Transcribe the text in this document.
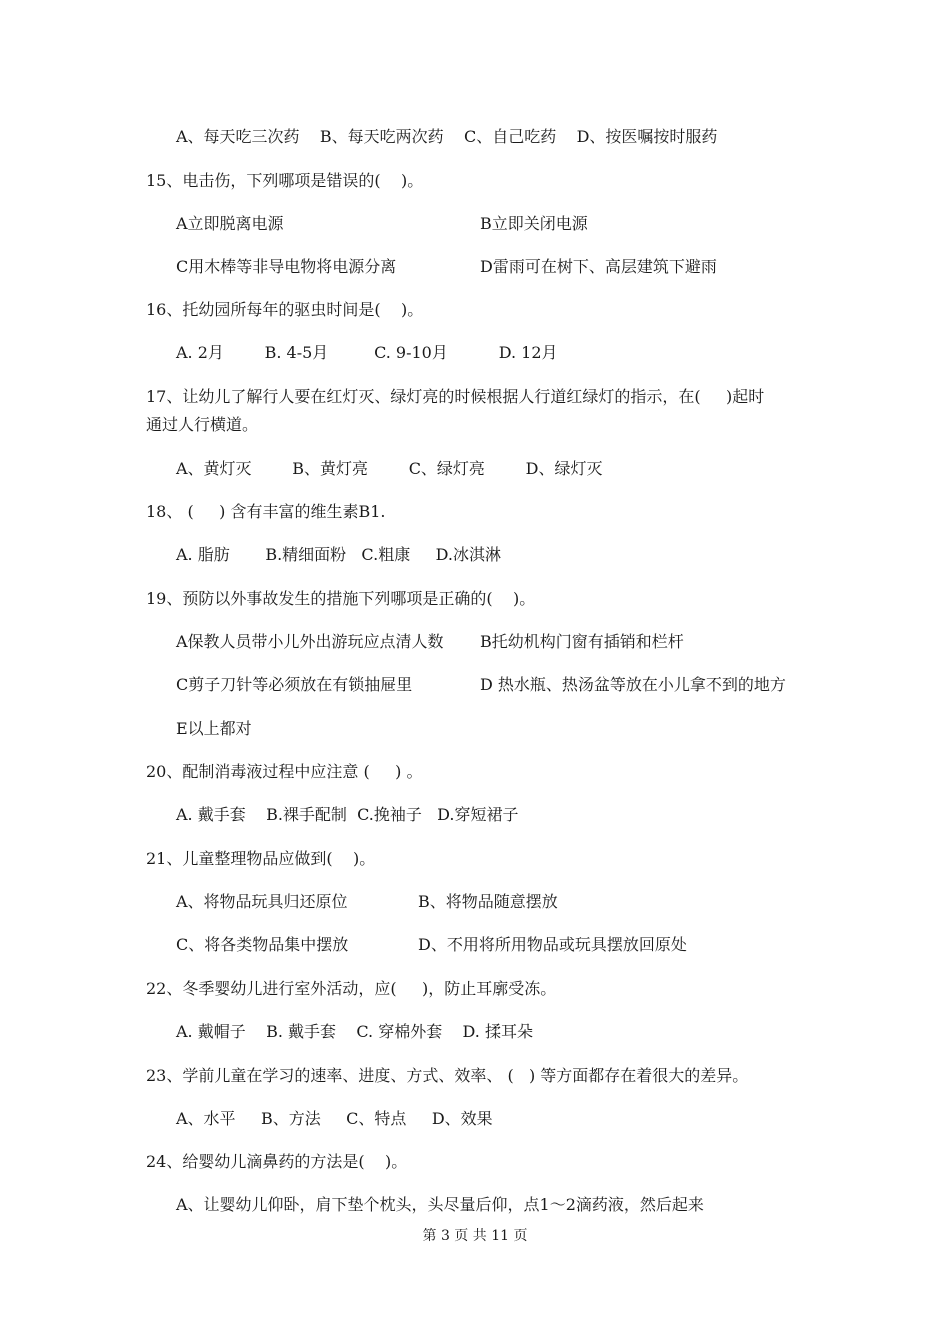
A、每天吃三次药    B、每天吃两次药    C、自己吃药    D、按医嘱按时服药
15、电击伤，下列哪项是错误的(    )。
A立即脱离电源	B立即关闭电源
C用木棒等非导电物将电源分离	D雷雨可在树下、高层建筑下避雨
16、托幼园所每年的驱虫时间是(    )。
A. 2月        B. 4-5月         C. 9-10月          D. 12月
17、让幼儿了解行人要在红灯灭、绿灯亮的时候根据人行道红绿灯的指示，在(     )起时
通过人行横道。
A、黄灯灭        B、黄灯亮        C、绿灯亮        D、绿灯灭
18、 (     ) 含有丰富的维生素B1.
A. 脂肪       B.精细面粉   C.粗康     D.冰淇淋
19、预防以外事故发生的措施下列哪项是正确的(    )。
A保教人员带小儿外出游玩应点清人数 B托幼机构门窗有插销和栏杆
C剪子刀针等必须放在有锁抽屉里	D 热水瓶、热汤盆等放在小儿拿不到的地方
E以上都对
20、配制消毒液过程中应注意 (     ) 。
A. 戴手套    B.裸手配制  C.挽袖子   D.穿短裙子
21、儿童整理物品应做到(    )。
A、将物品玩具归还原位	B、将物品随意摆放
C、将各类物品集中摆放	D、不用将所用物品或玩具摆放回原处
22、冬季婴幼儿进行室外活动，应(     )，防止耳廓受冻。
A. 戴帽子    B. 戴手套    C. 穿棉外套    D. 揉耳朵
23、学前儿童在学习的速率、进度、方式、效率、 (   ) 等方面都存在着很大的差异。
A、水平     B、方法     C、特点     D、效果
24、给婴幼儿滴鼻药的方法是(    )。
A、让婴幼儿仰卧，肩下垫个枕头，头尽量后仰，点1～2滴药液，然后起来
第 3 页 共 11 页
